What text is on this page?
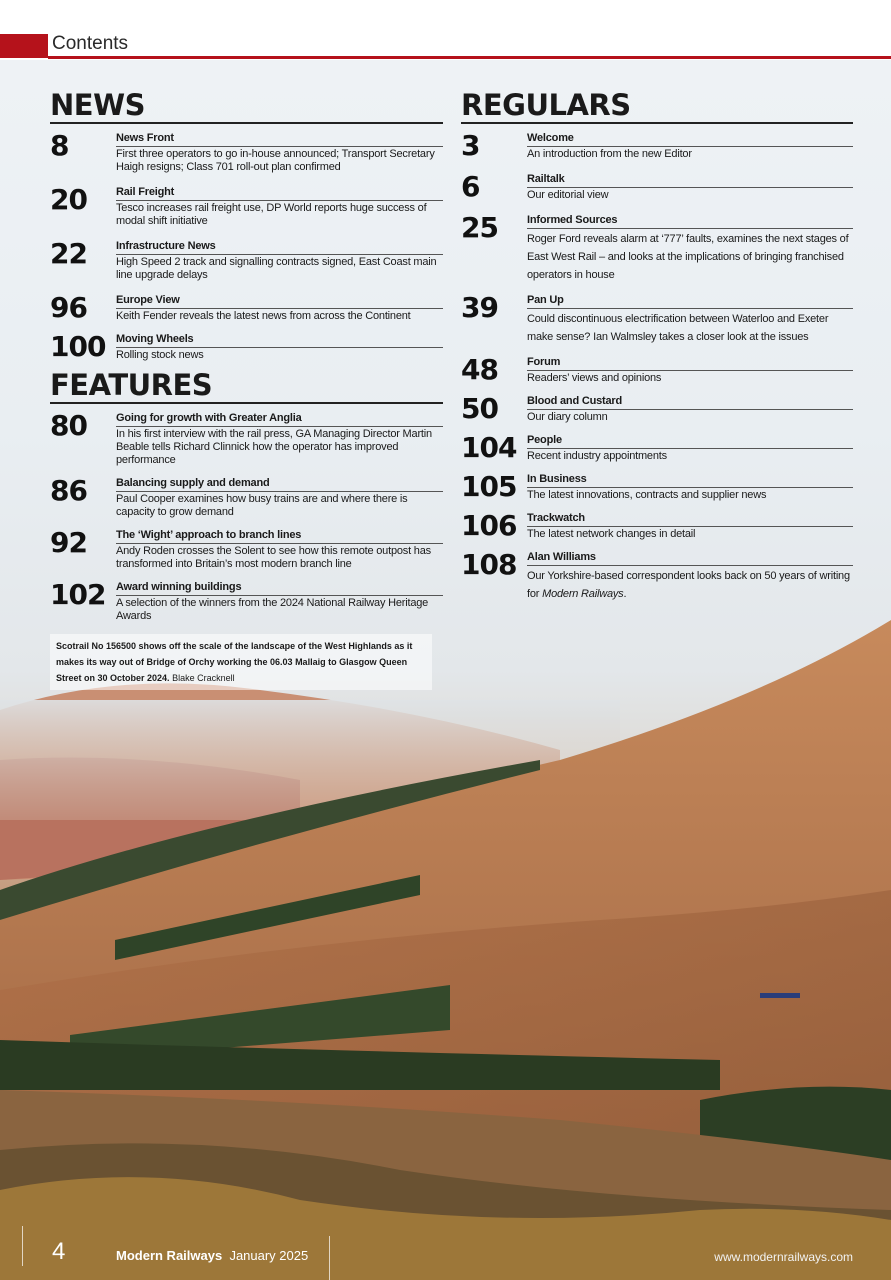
Contents
NEWS
8	News Front
First three operators to go in-house announced; Transport Secretary Haigh resigns; Class 701 roll-out plan confirmed
20	Rail Freight
Tesco increases rail freight use, DP World reports huge success of modal shift initiative
22	Infrastructure News
High Speed 2 track and signalling contracts signed, East Coast main line upgrade delays
96	Europe View
Keith Fender reveals the latest news from across the Continent
100 Moving Wheels
Rolling stock news
FEATURES
80	Going for growth with Greater Anglia
In his first interview with the rail press, GA Managing Director Martin Beable tells Richard Clinnick how the operator has improved performance
86	Balancing supply and demand
Paul Cooper examines how busy trains are and where there is capacity to grow demand
92	The ‘Wight’ approach to branch lines
Andy Roden crosses the Solent to see how this remote outpost has transformed into Britain’s most modern branch line
102 Award winning buildings
A selection of the winners from the 2024 National Railway Heritage Awards
REGULARS
3	Welcome
An introduction from the new Editor
6	Railtalk
Our editorial view
25	Informed Sources
Roger Ford reveals alarm at ‘777’ faults, examines the next stages of East West Rail – and looks at the implications of bringing franchised operators in house
39	Pan Up
Could discontinuous electrification between Waterloo and Exeter make sense? Ian Walmsley takes a closer look at the issues
48	Forum
Readers’ views and opinions
50	Blood and Custard
Our diary column
104 People
Recent industry appointments
105 In Business
The latest innovations, contracts and supplier news
106 Trackwatch
The latest network changes in detail
108 Alan Williams
Our Yorkshire-based correspondent looks back on 50 years of writing for Modern Railways.
Scotrail No 156500 shows off the scale of the landscape of the West Highlands as it makes its way out of Bridge of Orchy working the 06.03 Mallaig to Glasgow Queen Street on 30 October 2024. Blake Cracknell
4	Modern Railways January 2025	www.modernrailways.com
